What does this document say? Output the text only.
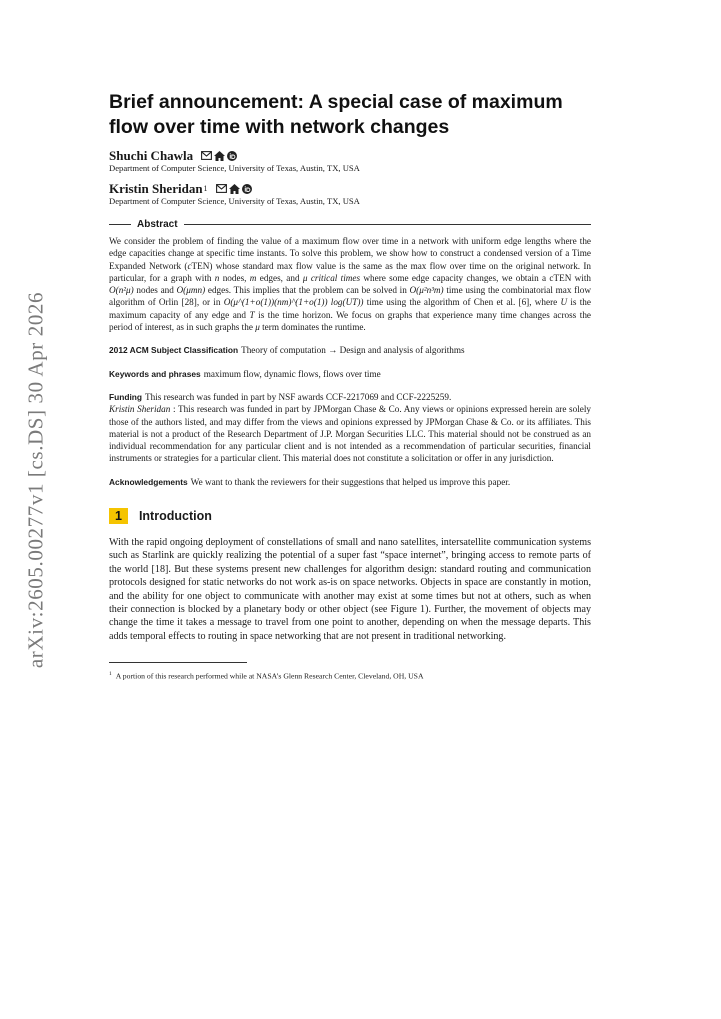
arXiv:2605.00277v1 [cs.DS] 30 Apr 2026
Brief announcement: A special case of maximum flow over time with network changes
Shuchi Chawla
Department of Computer Science, University of Texas, Austin, TX, USA
Kristin Sheridan 1
Department of Computer Science, University of Texas, Austin, TX, USA
Abstract

We consider the problem of finding the value of a maximum flow over time in a network with uniform edge lengths where the edge capacities change at specific time instants. To solve this problem, we show how to construct a condensed version of a Time Expanded Network (cTEN) whose standard max flow value is the same as the max flow over time on the original network. In particular, for a graph with n nodes, m edges, and μ critical times where some edge capacity changes, we obtain a cTEN with O(n²μ) nodes and O(μmn) edges. This implies that the problem can be solved in O(μ²n³m) time using the combinatorial max flow algorithm of Orlin [28], or in O(μ^(1+o(1))(nm)^(1+o(1)) log(UT)) time using the algorithm of Chen et al. [6], where U is the maximum capacity of any edge and T is the time horizon. We focus on graphs that experience many time changes across the period of interest, as in such graphs the μ term dominates the runtime.

2012 ACM Subject Classification Theory of computation → Design and analysis of algorithms

Keywords and phrases maximum flow, dynamic flows, flows over time

Funding This research was funded in part by NSF awards CCF-2217069 and CCF-2225259.
Kristin Sheridan : This research was funded in part by JPMorgan Chase & Co. Any views or opinions expressed herein are solely those of the authors listed, and may differ from the views and opinions expressed by JPMorgan Chase & Co. or its affiliates. This material is not a product of the Research Department of J.P. Morgan Securities LLC. This material should not be construed as an individual recommendation for any particular client and is not intended as a recommendation of particular securities, financial instruments or strategies for a particular client. This material does not constitute a solicitation or offer in any jurisdiction.

Acknowledgements We want to thank the reviewers for their suggestions that helped us improve this paper.

1	Introduction

With the rapid ongoing deployment of constellations of small and nano satellites, intersatellite communication systems such as Starlink are quickly realizing the potential of a super fast “space internet”, bringing access to remote parts of the world [18]. But these systems present new challenges for algorithm design: standard routing and communication protocols designed for static networks do not work as-is on space networks. Objects in space are constantly in motion, and the ability for one object to communicate with another may exist at some times but not at others, such as when their connection is blocked by a planetary body or other object (see Figure 1). Further, the movement of objects may change the time it takes a message to travel from one point to another, depending on when the message departs. This adds temporal effects to routing in space networking that are not present in traditional networking.

$^1$ A portion of this research performed while at NASA’s Glenn Research Center, Cleveland, OH, USA
